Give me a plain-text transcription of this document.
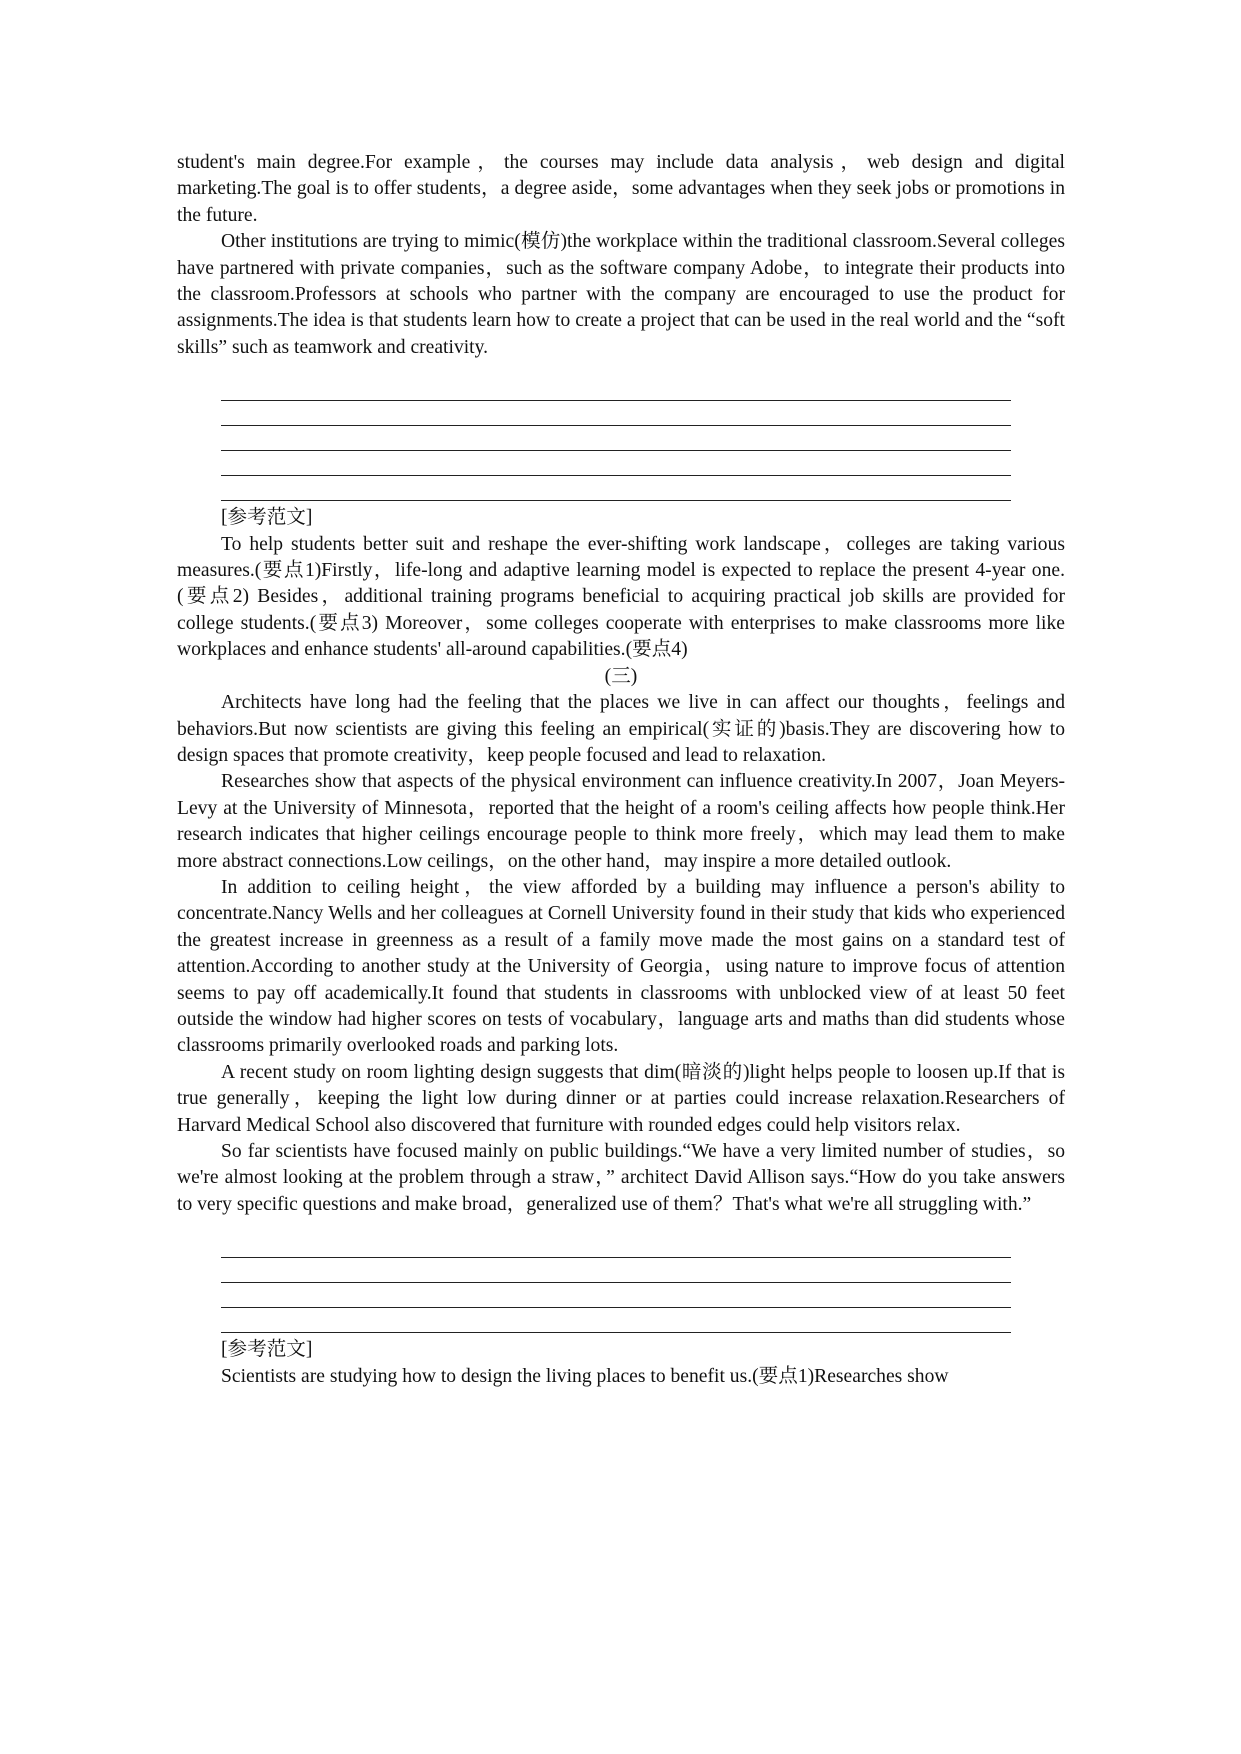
student's main degree.For example，the courses may include data analysis，web design and digital marketing.The goal is to offer students，a degree aside，some advantages when they seek jobs or promotions in the future.

Other institutions are trying to mimic(模仿)the workplace within the traditional classroom.Several colleges have partnered with private companies，such as the software company Adobe，to integrate their products into the classroom.Professors at schools who partner with the company are encouraged to use the product for assignments.The idea is that students learn how to create a project that can be used in the real world and the “soft skills” such as teamwork and creativity.

[参考范文]

To help students better suit and reshape the ever-shifting work landscape，colleges are taking various measures.(要点1)Firstly，life-long and adaptive learning model is expected to replace the present 4-year one.(要点2) Besides，additional training programs beneficial to acquiring practical job skills are provided for college students.(要点3) Moreover，some colleges cooperate with enterprises to make classrooms more like workplaces and enhance students' all-around capabilities.(要点4)

(三)

Architects have long had the feeling that the places we live in can affect our thoughts，feelings and behaviors.But now scientists are giving this feeling an empirical(实证的)basis.They are discovering how to design spaces that promote creativity，keep people focused and lead to relaxation.

Researches show that aspects of the physical environment can influence creativity.In 2007，Joan Meyers-Levy at the University of Minnesota，reported that the height of a room's ceiling affects how people think.Her research indicates that higher ceilings encourage people to think more freely，which may lead them to make more abstract connections.Low ceilings，on the other hand，may inspire a more detailed outlook.

In addition to ceiling height，the view afforded by a building may influence a person's ability to concentrate.Nancy Wells and her colleagues at Cornell University found in their study that kids who experienced the greatest increase in greenness as a result of a family move made the most gains on a standard test of attention.According to another study at the University of Georgia，using nature to improve focus of attention seems to pay off academically.It found that students in classrooms with unblocked view of at least 50 feet outside the window had higher scores on tests of vocabulary，language arts and maths than did students whose classrooms primarily overlooked roads and parking lots.

A recent study on room lighting design suggests that dim(暗淡的)light helps people to loosen up.If that is true generally，keeping the light low during dinner or at parties could increase relaxation.Researchers of Harvard Medical School also discovered that furniture with rounded edges could help visitors relax.

So far scientists have focused mainly on public buildings.“We have a very limited number of studies，so we're almost looking at the problem through a straw，” architect David Allison says.“How do you take answers to very specific questions and make broad，generalized use of them？That's what we're all struggling with.”

[参考范文]

Scientists are studying how to design the living places to benefit us.(要点1)Researches show
